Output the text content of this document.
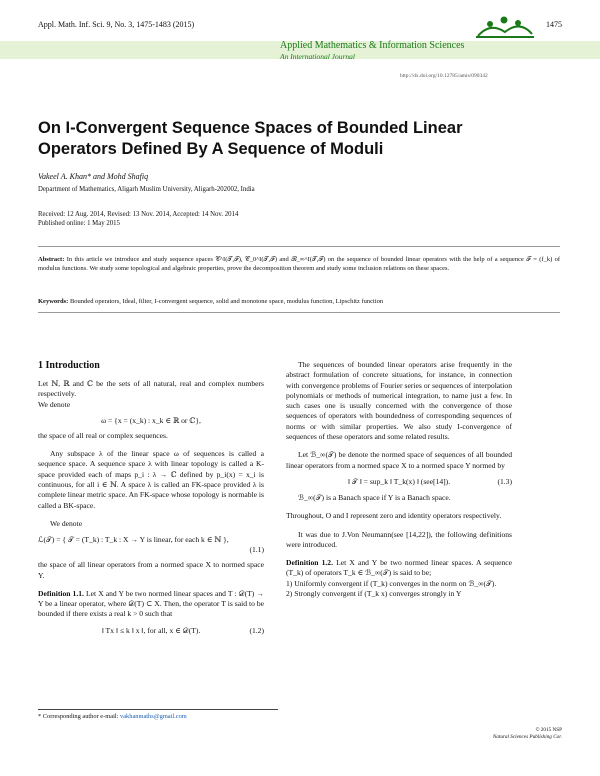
Appl. Math. Inf. Sci. 9, No. 3, 1475-1483 (2015)	1475
Applied Mathematics & Information Sciences
An International Journal
http://dx.doi.org/10.12785/amis/090342
On I-Convergent Sequence Spaces of Bounded Linear
Operators Defined By A Sequence of Moduli
Vakeel A. Khan* and Mohd Shafiq
Department of Mathematics, Aligarh Muslim University, Aligarh-202002, India
Received: 12 Aug. 2014, Revised: 13 Nov. 2014, Accepted: 14 Nov. 2014
Published online: 1 May 2015
Abstract: In this article we introduce and study sequence spaces 𝒞^I(𝒯,ℱ), 𝒞_0^I(𝒯,ℱ) and ℬ_∞^I(𝒯,ℱ) on the sequence of bounded linear operators with the help of a sequence ℱ = (f_k) of modulus functions. We study some topological and algebraic properties, prove the decomposition theorem and study some inclusion relations on these spaces.
Keywords: Bounded operators, Ideal, filter, I-convergent sequence, solid and monotone space, modulus function, Lipschitz function
1 Introduction

Let ℕ, ℝ and ℂ be the sets of all natural, real and complex numbers respectively.

We denote

ω = {x = (x_k) : x_k ∈ ℝ or ℂ},

the space of all real or complex sequences.

Any subspace λ of the linear space ω of sequences is called a sequence space. A sequence space λ with linear topology is called a K-space provided each of maps p_i : λ → ℂ defined by p_i(x) = x_i is continuous, for all i ∈ ℕ. A space λ is called an FK-space provided λ is complete linear metric space. An FK-space whose topology is normable is called a BK-space.

We denote

ℒ(𝒯) = { 𝒯 = (T_k) : T_k : X → Y is linear, for each k ∈ ℕ },
(1.1)

the space of all linear operators from a normed space X to normed space Y.

Definition 1.1. Let X and Y be two normed linear spaces and T : 𝒟(T) → Y be a linear operator, where 𝒟(T) ⊂ X. Then, the operator T is said to be bounded if there exists a real k > 0 such that

‖ Tx ‖ ≤ k ‖ x ‖, for all, x ∈ 𝒟(T).	(1.2)

The sequences of bounded linear operators arise frequently in the abstract formulation of concrete situations, for instance, in connection with convergence problems of Fourier series or sequences of interpolation polynomials or methods of numerical integration, to name just a few. In such cases one is usually concerned with the convergence of those sequences of operators with boundedness of corresponding sequences of norms or with similar properties. We also study I-convergence of sequences of these operators and some related results.

Let ℬ_∞(𝒯) be denote the normed space of sequences of all bounded linear operators from a normed space X to a normed space Y normed by

‖ 𝒯 ‖ = sup_k ‖ T_k(x) ‖ (see[14]).	(1.3)

ℬ_∞(𝒯) is a Banach space if Y is a Banach space.

Throughout, O and I represent zero and identity operators respectively.

It was due to J.Von Neumann(see [14,22]), the following definitions were introduced.

Definition 1.2. Let X and Y be two normed linear spaces. A sequence (T_k) of operators T_k ∈ ℬ_∞(𝒯) is said to be;

1) Uniformly convergent if (T_k) converges in the norm on ℬ_∞(𝒯).

2) Strongly convergent if (T_k x) converges strongly in Y

* Corresponding author e-mail: vakhanmaths@gmail.com
© 2015 NSP
Natural Sciences Publishing Cor.
